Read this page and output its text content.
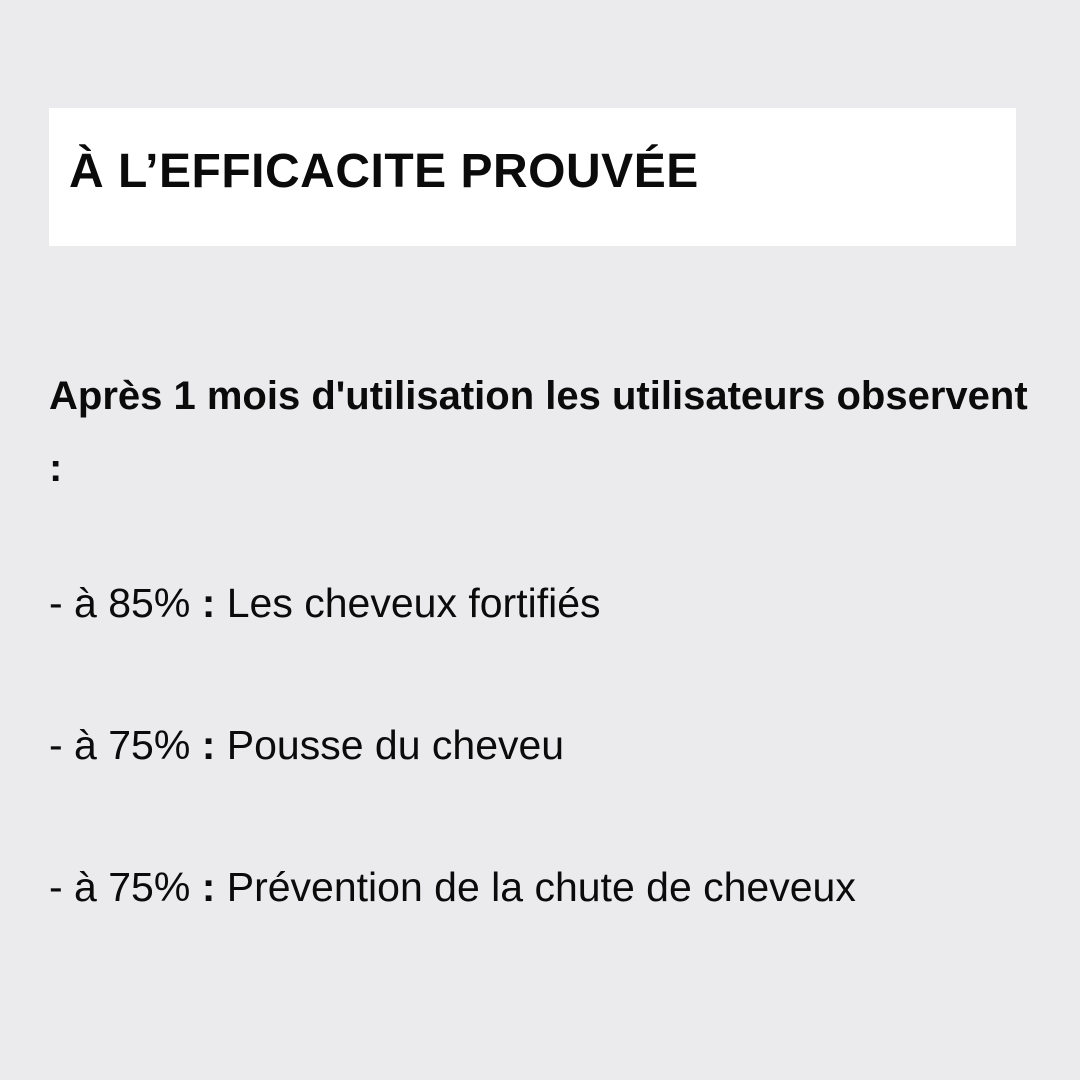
À L’EFFICACITE PROUVÉE
Après 1 mois d'utilisation les utilisateurs observent :
- à 85% : Les cheveux fortifiés
- à 75% : Pousse du cheveu
- à 75% : Prévention de la chute de cheveux
